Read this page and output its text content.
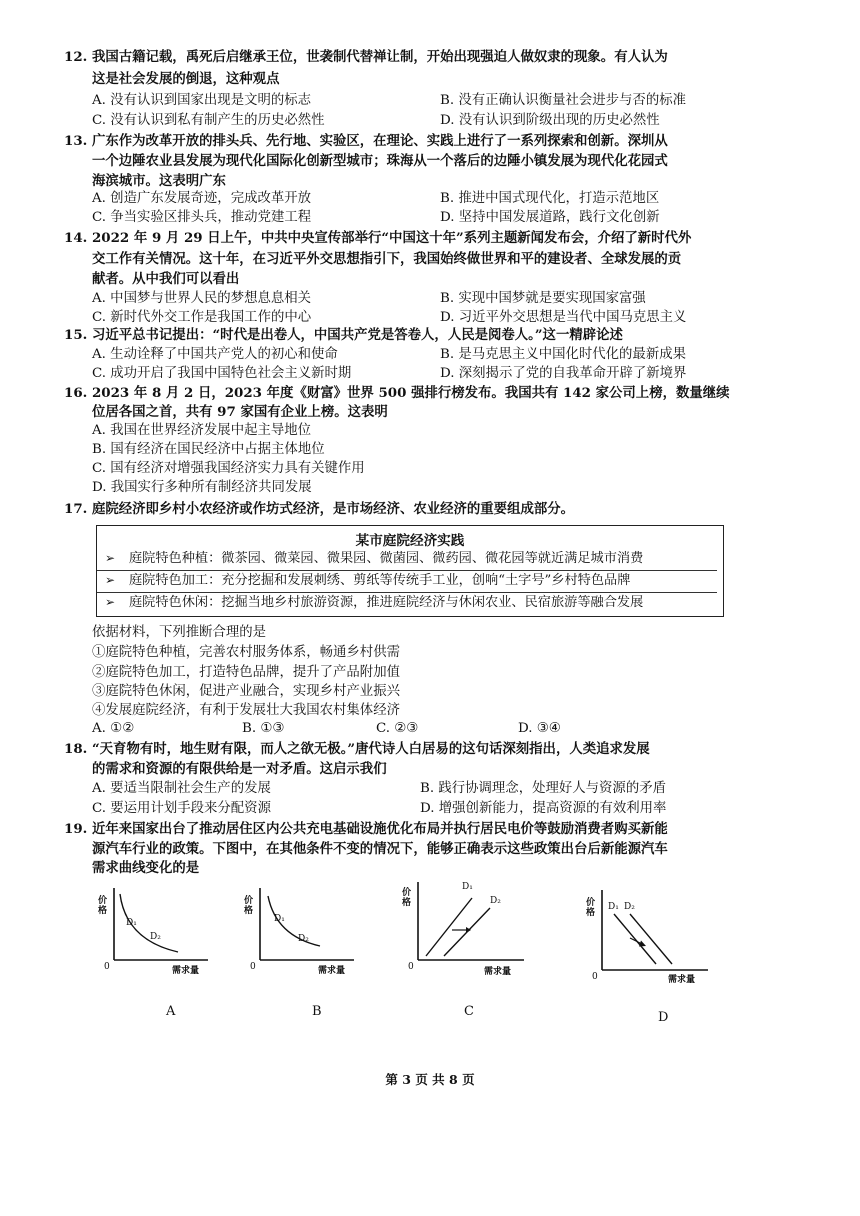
12. 我国古籍记载，禹死后启继承王位，世袭制代替禅让制，开始出现强迫人做奴隶的现象。有人认为
这是社会发展的倒退，这种观点
A. 没有认识到国家出现是文明的标志	B. 没有正确认识衡量社会进步与否的标准
C. 没有认识到私有制产生的历史必然性	D. 没有认识到阶级出现的历史必然性
13. 广东作为改革开放的排头兵、先行地、实验区，在理论、实践上进行了一系列探索和创新。深圳从
一个边陲农业县发展为现代化国际化创新型城市；珠海从一个落后的边陲小镇发展为现代化花园式
海滨城市。这表明广东
A. 创造广东发展奇迹，完成改革开放	B. 推进中国式现代化，打造示范地区
C. 争当实验区排头兵，推动党建工程	D. 坚持中国发展道路，践行文化创新
14. 2022 年 9 月 29 日上午，中共中央宣传部举行“中国这十年”系列主题新闻发布会，介绍了新时代外
交工作有关情况。这十年，在习近平外交思想指引下，我国始终做世界和平的建设者、全球发展的贡
献者。从中我们可以看出
A. 中国梦与世界人民的梦想息息相关	B. 实现中国梦就是要实现国家富强
C. 新时代外交工作是我国工作的中心	D. 习近平外交思想是当代中国马克思主义
15. 习近平总书记提出：“时代是出卷人，中国共产党是答卷人，人民是阅卷人。”这一精辟论述
A. 生动诠释了中国共产党人的初心和使命	B. 是马克思主义中国化时代化的最新成果
C. 成功开启了我国中国特色社会主义新时期	D. 深刻揭示了党的自我革命开辟了新境界
16. 2023 年 8 月 2 日，2023 年度《财富》世界 500 强排行榜发布。我国共有 142 家公司上榜，数量继续
位居各国之首，共有 97 家国有企业上榜。这表明
A. 我国在世界经济发展中起主导地位
B. 国有经济在国民经济中占据主体地位
C. 国有经济对增强我国经济实力具有关键作用
D. 我国实行多种所有制经济共同发展
17. 庭院经济即乡村小农经济或作坊式经济，是市场经济、农业经济的重要组成部分。
某市庭院经济实践
➢ 庭院特色种植：微茶园、微菜园、微果园、微菌园、微药园、微花园等就近满足城市消费
➢ 庭院特色加工：充分挖掘和发展刺绣、剪纸等传统手工业，创响“土字号”乡村特色品牌
➢ 庭院特色休闲：挖掘当地乡村旅游资源，推进庭院经济与休闲农业、民宿旅游等融合发展
依据材料，下列推断合理的是
①庭院特色种植，完善农村服务体系，畅通乡村供需
②庭院特色加工，打造特色品牌，提升了产品附加值
③庭院特色休闲，促进产业融合，实现乡村产业振兴
④发展庭院经济，有利于发展壮大我国农村集体经济
A. ①②	B. ①③	C. ②③	D. ③④
18. “天育物有时，地生财有限，而人之欲无极。”唐代诗人白居易的这句话深刻指出，人类追求发展
的需求和资源的有限供给是一对矛盾。这启示我们
A. 要适当限制社会生产的发展	B. 践行协调理念，处理好人与资源的矛盾
C. 要运用计划手段来分配资源	D. 增强创新能力，提高资源的有效利用率
19. 近年来国家出台了推动居住区内公共充电基础设施优化布局并执行居民电价等鼓励消费者购买新能
源汽车行业的政策。下图中，在其他条件不变的情况下，能够正确表示这些政策出台后新能源汽车
需求曲线变化的是
价格
D₁
D₂
0	需求量
A
价格
D₁
D₂
0	需求量
B
价格
D₁
D₂
0	需求量
C
价格
D₁ D₂
0	需求量
D
第 3 页 共 8 页
